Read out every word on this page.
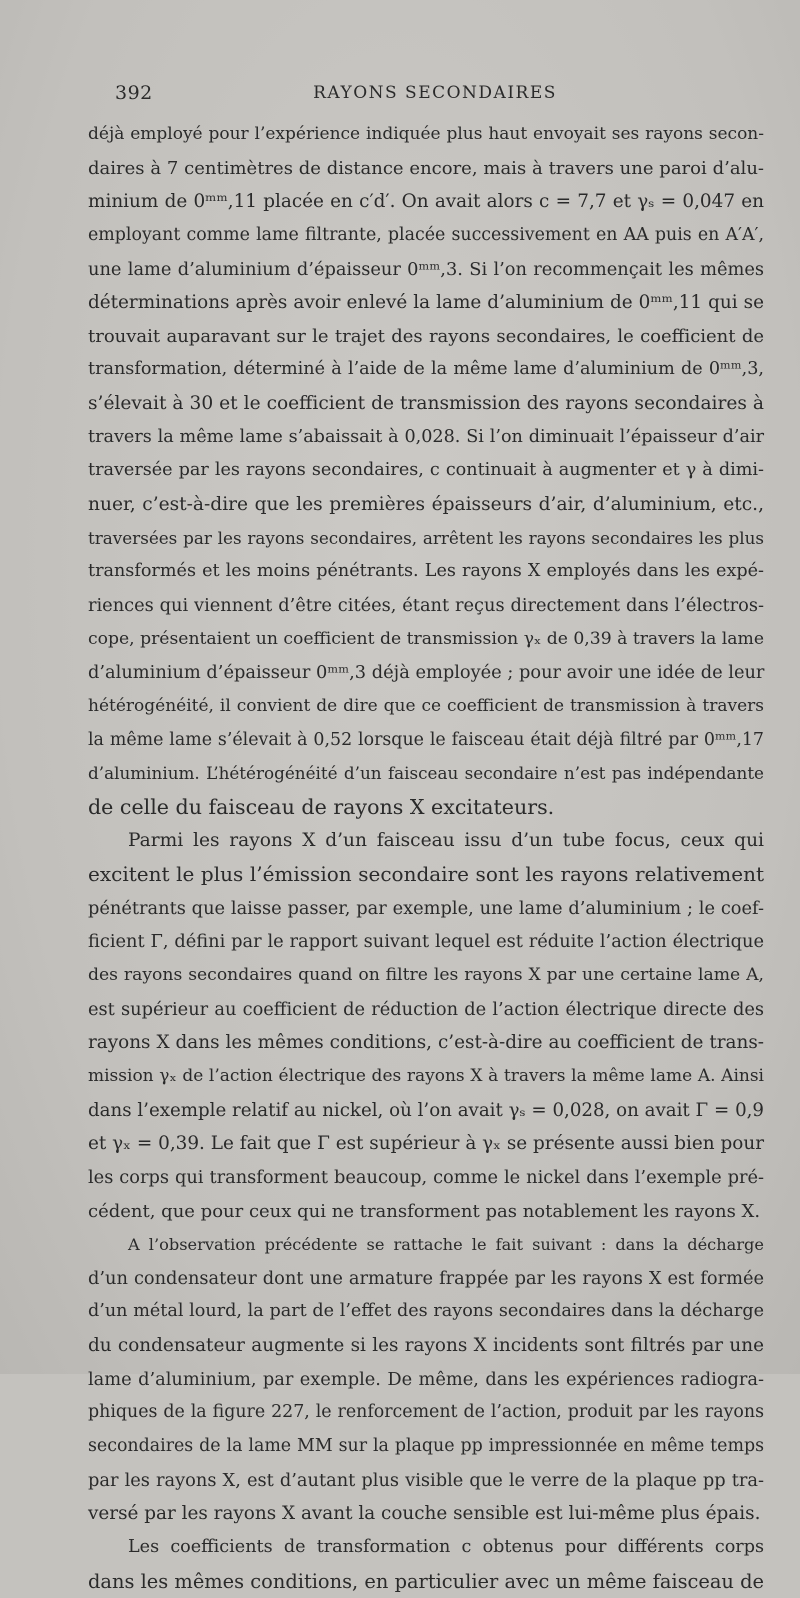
392	RAYONS SECONDAIRES
déjà employé pour l’expérience indiquée plus haut envoyait ses rayons secon-
daires à 7 centimètres de distance encore, mais à travers une paroi d’alu-
minium de 0ᵐᵐ,11 placée en c′d′. On avait alors c = 7,7 et γₛ = 0,047 en
employant comme lame filtrante, placée successivement en AA puis en A′A′,
une lame d’aluminium d’épaisseur 0ᵐᵐ,3. Si l’on recommençait les mêmes
déterminations après avoir enlevé la lame d’aluminium de 0ᵐᵐ,11 qui se
trouvait auparavant sur le trajet des rayons secondaires, le coefficient de
transformation, déterminé à l’aide de la même lame d’aluminium de 0ᵐᵐ,3,
s’élevait à 30 et le coefficient de transmission des rayons secondaires à
travers la même lame s’abaissait à 0,028. Si l’on diminuait l’épaisseur d’air
traversée par les rayons secondaires, c continuait à augmenter et γ à dimi-
nuer, c’est-à-dire que les premières épaisseurs d’air, d’aluminium, etc.,
traversées par les rayons secondaires, arrêtent les rayons secondaires les plus
transformés et les moins pénétrants. Les rayons X employés dans les expé-
riences qui viennent d’être citées, étant reçus directement dans l’électros-
cope, présentaient un coefficient de transmission γₓ de 0,39 à travers la lame
d’aluminium d’épaisseur 0ᵐᵐ,3 déjà employée ; pour avoir une idée de leur
hétérogénéité, il convient de dire que ce coefficient de transmission à travers
la même lame s’élevait à 0,52 lorsque le faisceau était déjà filtré par 0ᵐᵐ,17
d’aluminium. L’hétérogénéité d’un faisceau secondaire n’est pas indépendante
de celle du faisceau de rayons X excitateurs.
Parmi les rayons X d’un faisceau issu d’un tube focus, ceux qui
excitent le plus l’émission secondaire sont les rayons relativement
pénétrants que laisse passer, par exemple, une lame d’aluminium ; le coef-
ficient Γ, défini par le rapport suivant lequel est réduite l’action électrique
des rayons secondaires quand on filtre les rayons X par une certaine lame A,
est supérieur au coefficient de réduction de l’action électrique directe des
rayons X dans les mêmes conditions, c’est-à-dire au coefficient de trans-
mission γₓ de l’action électrique des rayons X à travers la même lame A. Ainsi
dans l’exemple relatif au nickel, où l’on avait γₛ = 0,028, on avait Γ = 0,9
et γₓ = 0,39. Le fait que Γ est supérieur à γₓ se présente aussi bien pour
les corps qui transforment beaucoup, comme le nickel dans l’exemple pré-
cédent, que pour ceux qui ne transforment pas notablement les rayons X.
A l’observation précédente se rattache le fait suivant : dans la décharge
d’un condensateur dont une armature frappée par les rayons X est formée
d’un métal lourd, la part de l’effet des rayons secondaires dans la décharge
du condensateur augmente si les rayons X incidents sont filtrés par une
lame d’aluminium, par exemple. De même, dans les expériences radiogra-
phiques de la figure 227, le renforcement de l’action, produit par les rayons
secondaires de la lame MM sur la plaque pp impressionnée en même temps
par les rayons X, est d’autant plus visible que le verre de la plaque pp tra-
versé par les rayons X avant la couche sensible est lui-même plus épais.
Les coefficients de transformation c obtenus pour différents corps
dans les mêmes conditions, en particulier avec un même faisceau de
